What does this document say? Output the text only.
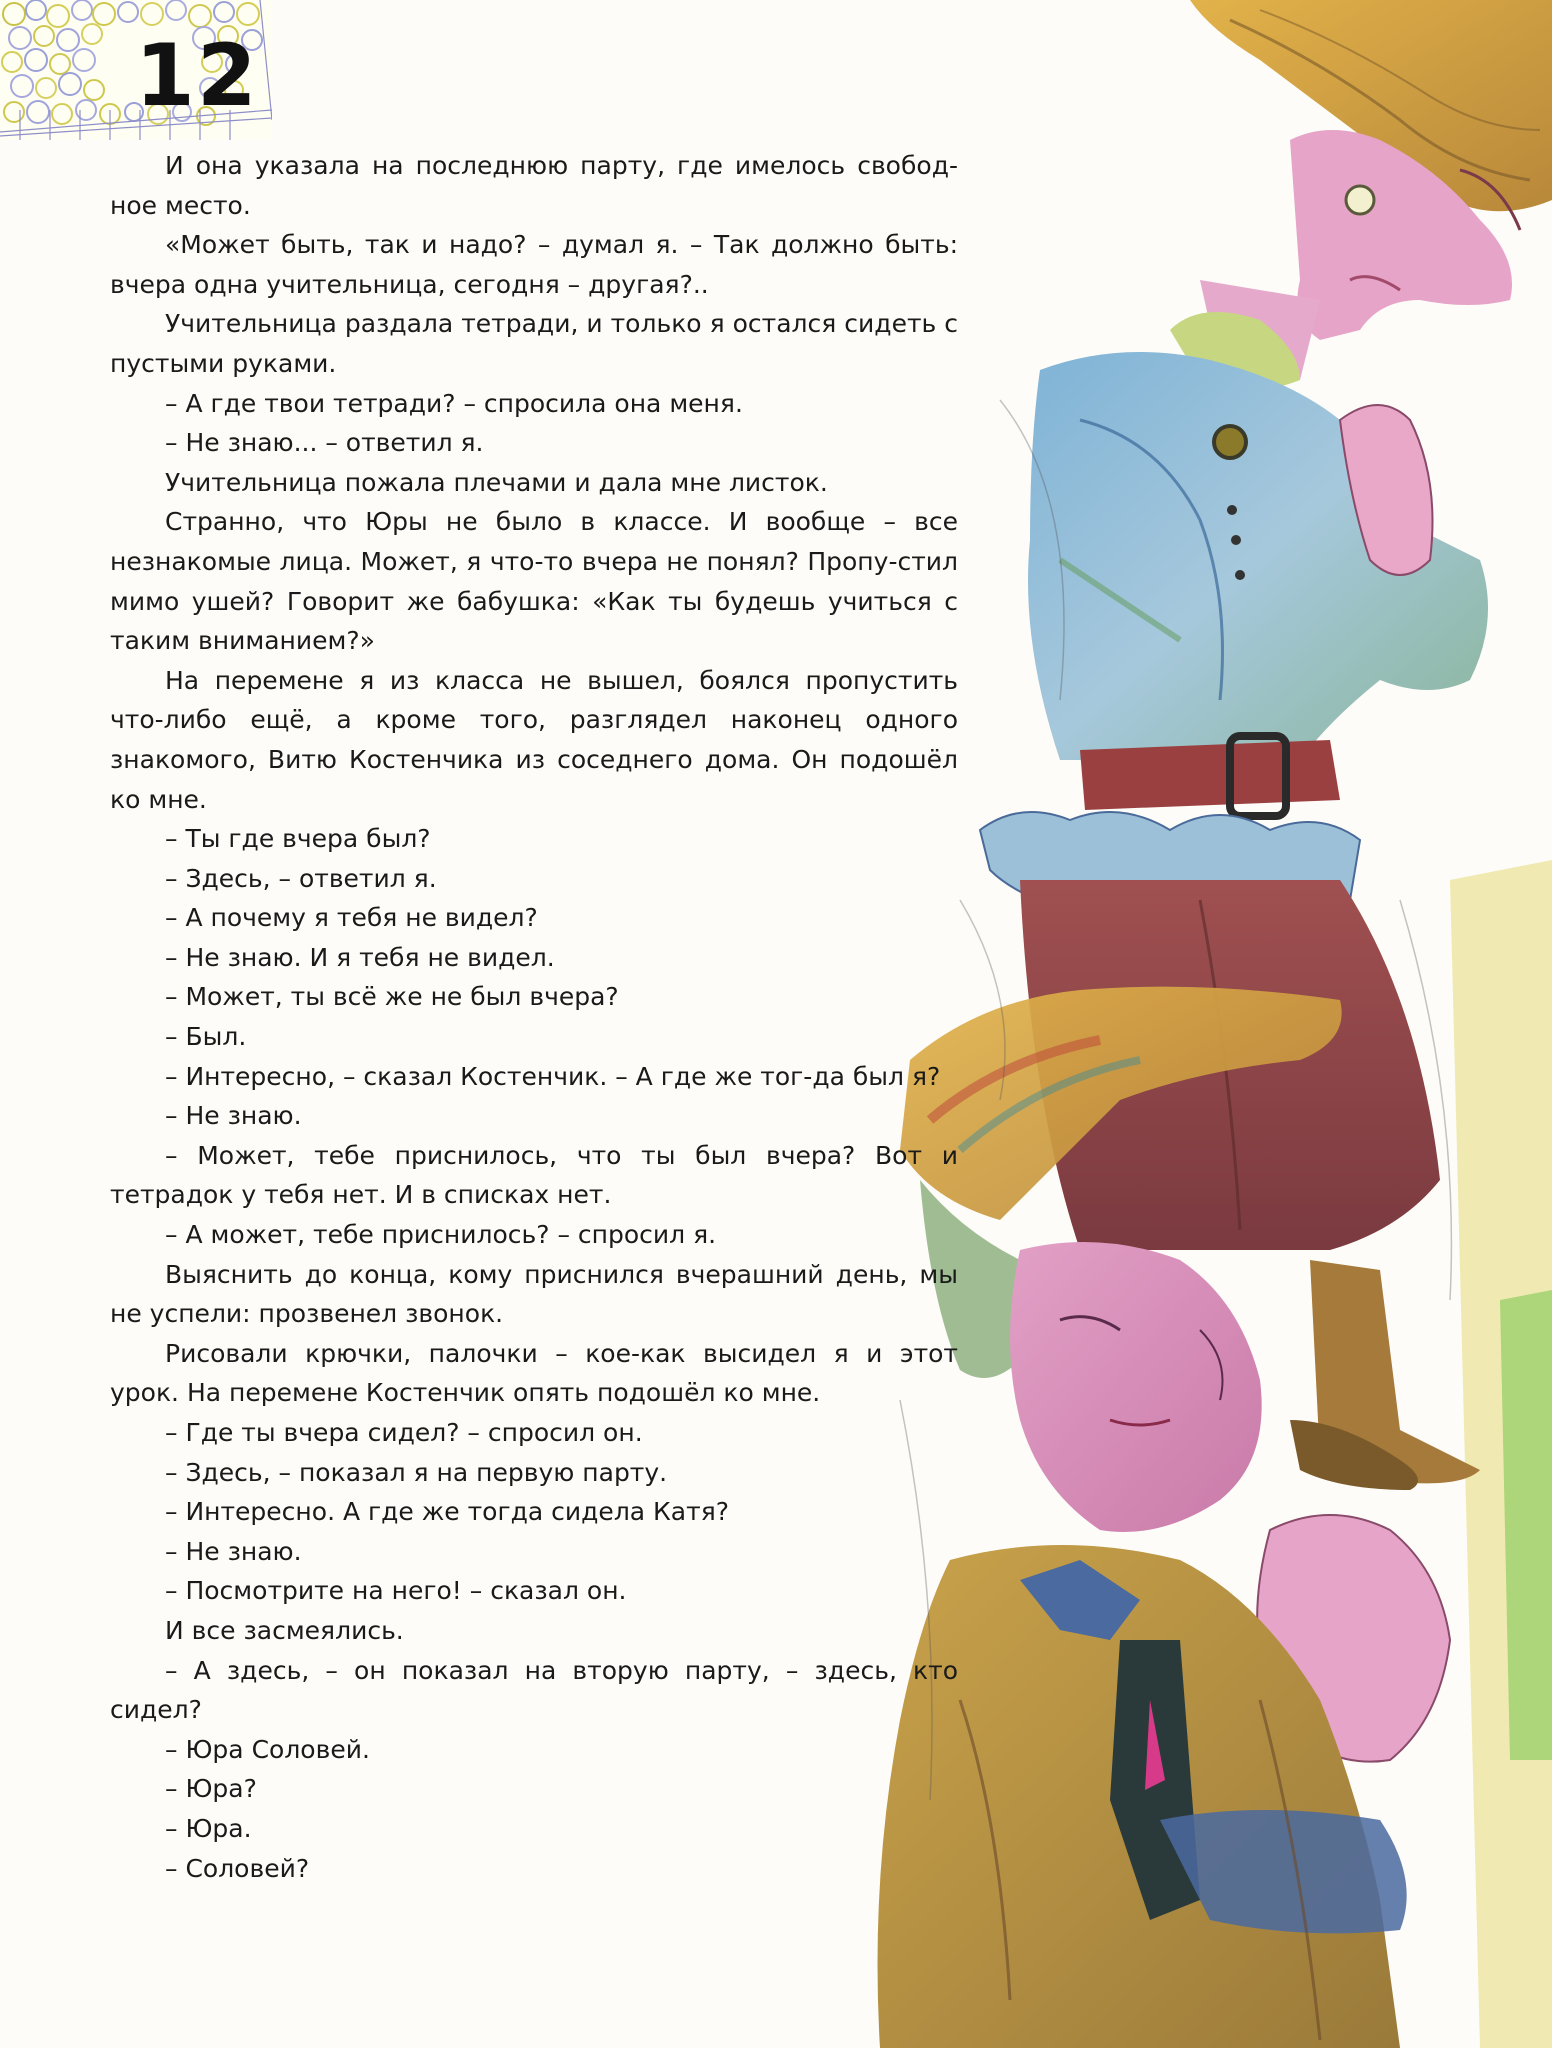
12

И она указала на последнюю парту, где имелось свобод-ное место.

«Может быть, так и надо? – думал я. – Так должно быть: вчера одна учительница, сегодня – другая?..

Учительница раздала тетради, и только я остался сидеть с пустыми руками.

– А где твои тетради? – спросила она меня.

– Не знаю... – ответил я.

Учительница пожала плечами и дала мне листок.

Странно, что Юры не было в классе. И вообще – все незнакомые лица. Может, я что-то вчера не понял? Пропу-стил мимо ушей? Говорит же бабушка: «Как ты будешь учиться с таким вниманием?»

На перемене я из класса не вышел, боялся пропустить что-либо ещё, а кроме того, разглядел наконец одного знакомого, Витю Костенчика из соседнего дома. Он подошёл ко мне.

– Ты где вчера был?

– Здесь, – ответил я.

– А почему я тебя не видел?

– Не знаю. И я тебя не видел.

– Может, ты всё же не был вчера?

– Был.

– Интересно, – сказал Костенчик. – А где же тог-да был я?

– Не знаю.

– Может, тебе приснилось, что ты был вчера? Вот и тетрадок у тебя нет. И в списках нет.

– А может, тебе приснилось? – спросил я.

Выяснить до конца, кому приснился вчерашний день, мы не успели: прозвенел звонок.

Рисовали крючки, палочки – кое-как высидел я и этот урок. На перемене Костенчик опять подошёл ко мне.

– Где ты вчера сидел? – спросил он.

– Здесь, – показал я на первую парту.

– Интересно. А где же тогда сидела Катя?

– Не знаю.

– Посмотрите на него! – сказал он.

И все засмеялись.

– А здесь, – он показал на вторую парту, – здесь, кто сидел?

– Юра Соловей.

– Юра?

– Юра.

– Соловей?
